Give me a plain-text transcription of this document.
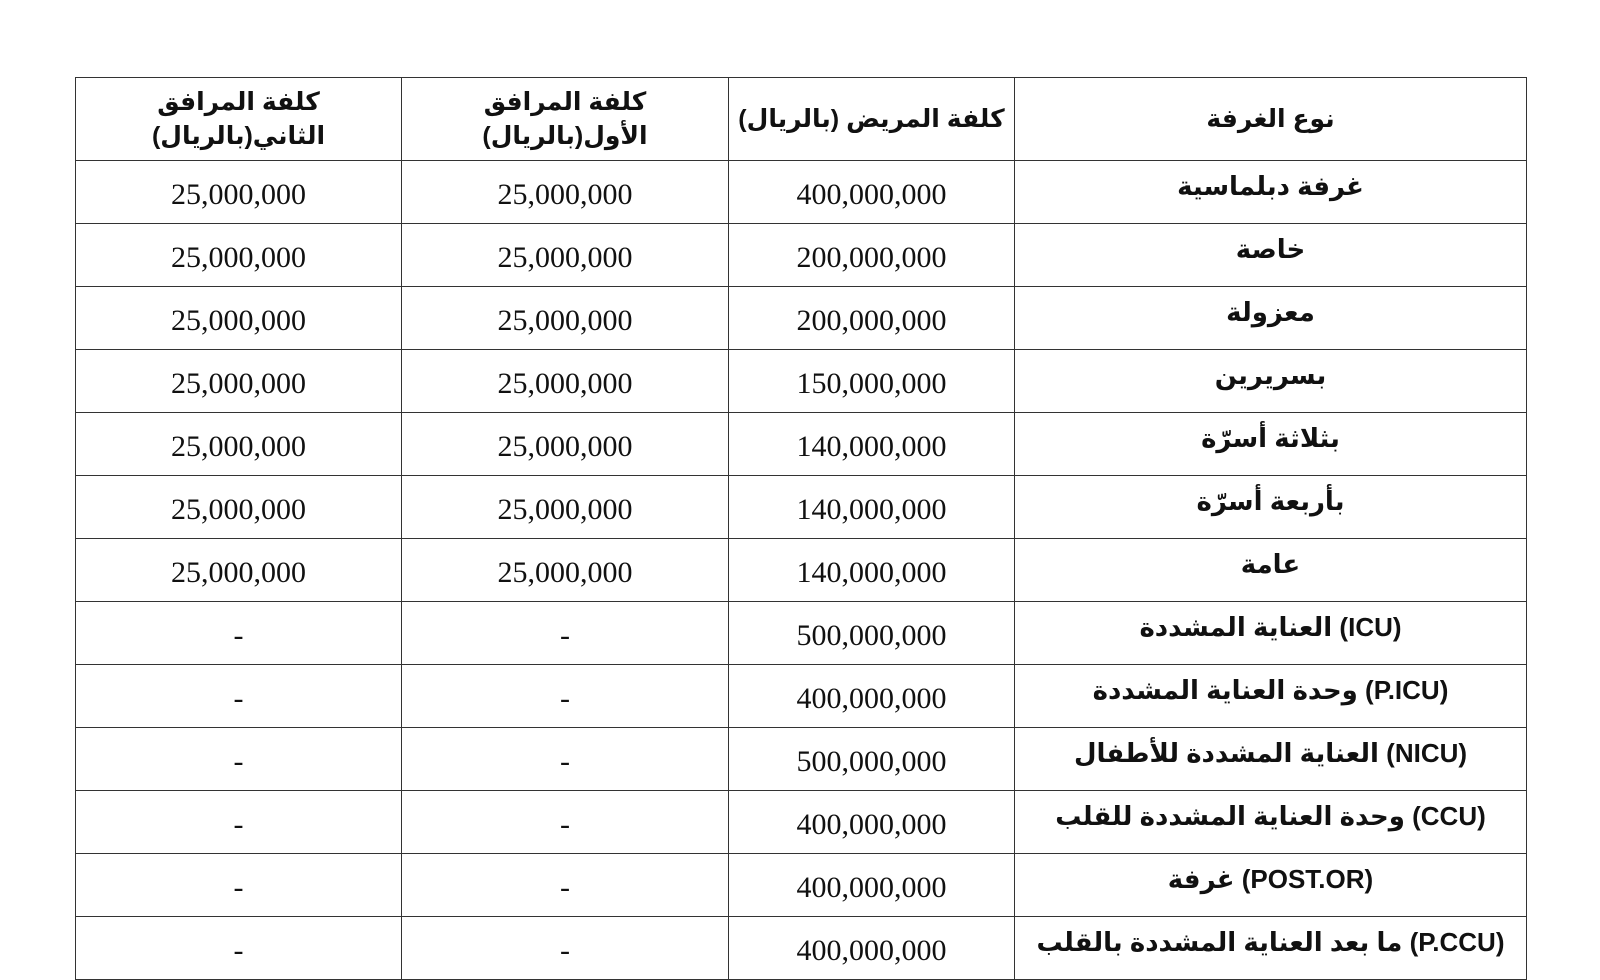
نوع الغرفة	كلفة المريض (بالريال)	كلفة المرافق الأول(بالريال)	كلفة المرافق الثاني(بالريال)
غرفة دبلماسية	400,000,000	25,000,000	25,000,000
خاصة	200,000,000	25,000,000	25,000,000
معزولة	200,000,000	25,000,000	25,000,000
بسريرين	150,000,000	25,000,000	25,000,000
بثلاثة أسرّة	140,000,000	25,000,000	25,000,000
بأربعة أسرّة	140,000,000	25,000,000	25,000,000
عامة	140,000,000	25,000,000	25,000,000
(ICU) العناية المشددة	500,000,000	-	-
(P.ICU) وحدة العناية المشددة	400,000,000	-	-
(NICU) العناية المشددة للأطفال	500,000,000	-	-
(CCU) وحدة العناية المشددة للقلب	400,000,000	-	-
(POST.OR) غرفة	400,000,000	-	-
(P.CCU) ما بعد العناية المشددة بالقلب	400,000,000	-	-
